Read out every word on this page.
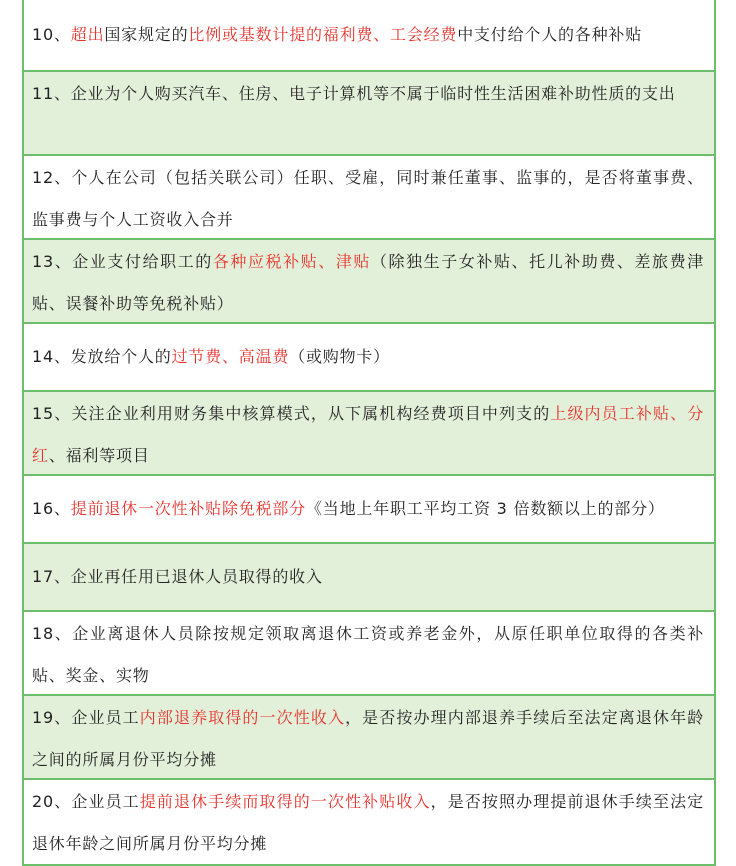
10、超出国家规定的比例或基数计提的福利费、工会经费中支付给个人的各种补贴
11、企业为个人购买汽车、住房、电子计算机等不属于临时性生活困难补助性质的支出
12、个人在公司（包括关联公司）任职、受雇，同时兼任董事、监事的，是否将董事费、监事费与个人工资收入合并
13、企业支付给职工的各种应税补贴、津贴（除独生子女补贴、托儿补助费、差旅费津贴、误餐补助等免税补贴）
14、发放给个人的过节费、高温费（或购物卡）
15、关注企业利用财务集中核算模式，从下属机构经费项目中列支的上级内员工补贴、分红、福利等项目
16、提前退休一次性补贴除免税部分《当地上年职工平均工资 3 倍数额以上的部分）
17、企业再任用已退休人员取得的收入
18、企业离退休人员除按规定领取离退休工资或养老金外，从原任职单位取得的各类补贴、奖金、实物
19、企业员工内部退养取得的一次性收入，是否按办理内部退养手续后至法定离退休年龄之间的所属月份平均分摊
20、企业员工提前退休手续而取得的一次性补贴收入，是否按照办理提前退休手续至法定退休年龄之间所属月份平均分摊
